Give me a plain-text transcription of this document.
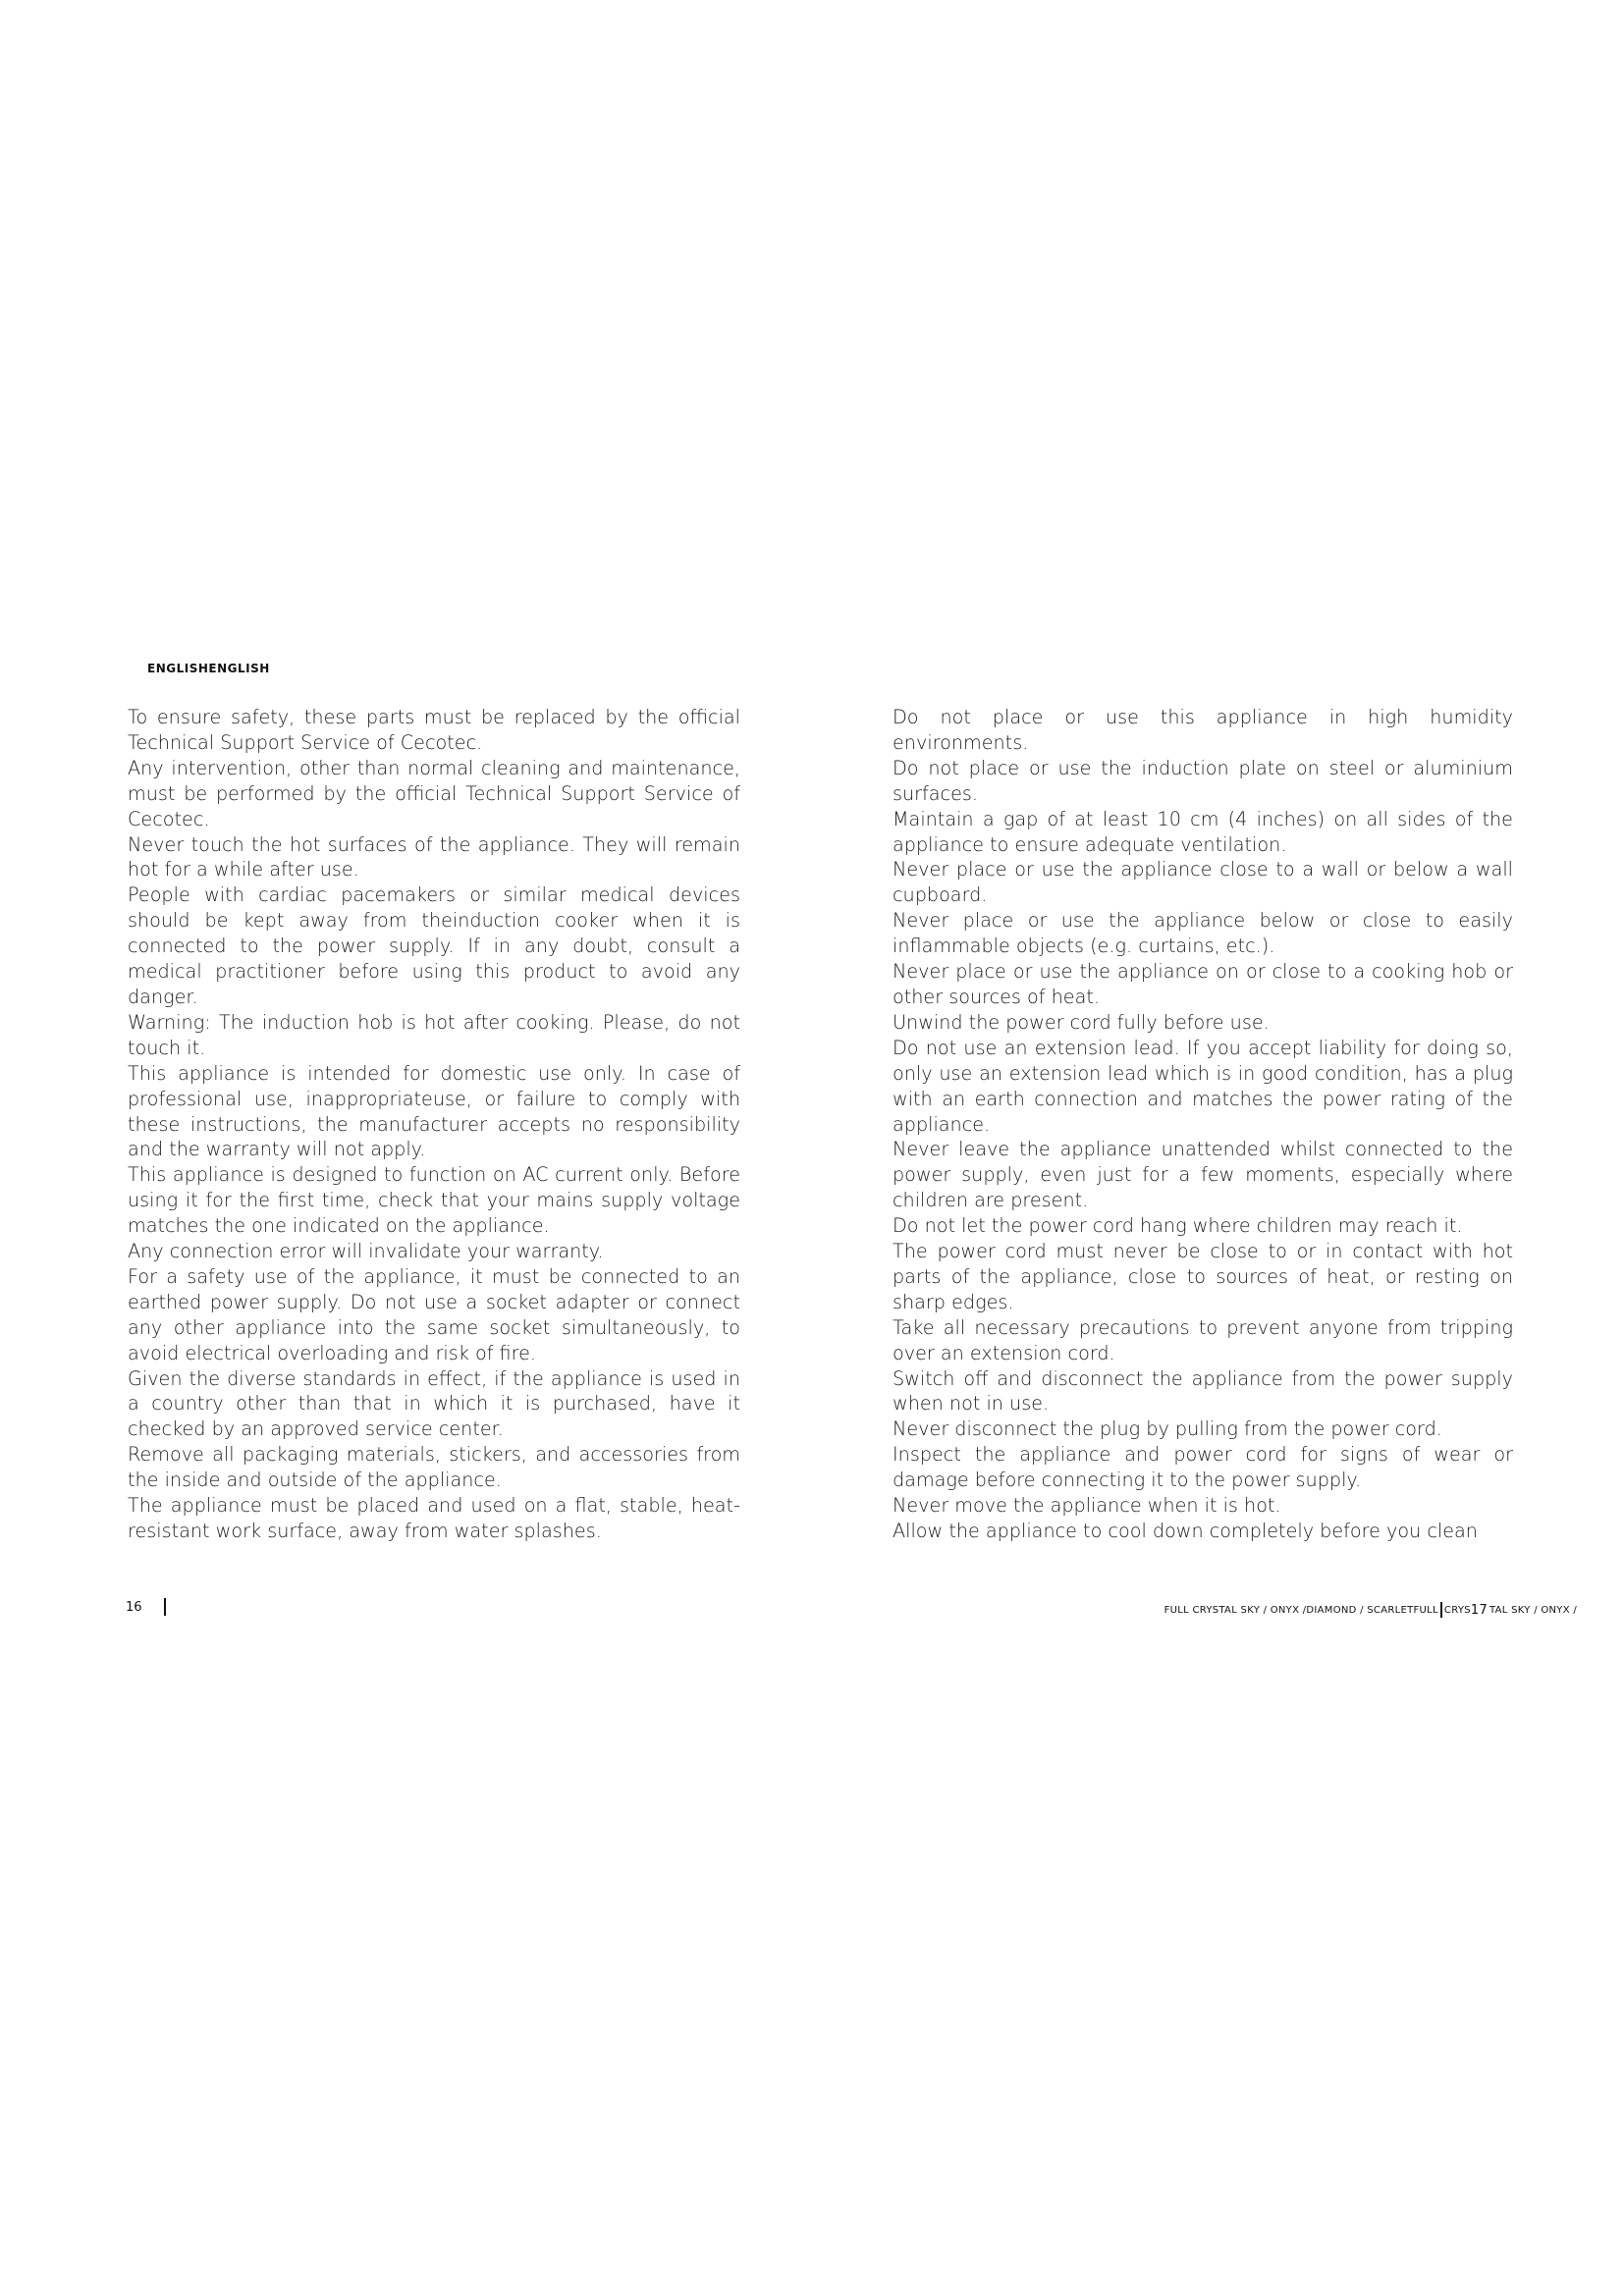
ENGLISHENGLISH

To ensure safety, these parts must be replaced by the official Technical Support Service of Cecotec.

Any intervention, other than normal cleaning and maintenance, must be performed by the official Technical Support Service of Cecotec.

Never touch the hot surfaces of the appliance. They will remain hot for a while after use.

People with cardiac pacemakers or similar medical devices should be kept away from theinduction cooker when it is connected to the power supply. If in any doubt, consult a medical practitioner before using this product to avoid any danger.

Warning: The induction hob is hot after cooking. Please, do not touch it.

This appliance is intended for domestic use only. In case of professional use, inappropriateuse, or failure to comply with these instructions, the manufacturer accepts no responsibility and the warranty will not apply.

This appliance is designed to function on AC current only. Before using it for the first time, check that your mains supply voltage matches the one indicated on the appliance.

Any connection error will invalidate your warranty.

For a safety use of the appliance, it must be connected to an earthed power supply. Do not use a socket adapter or connect any other appliance into the same socket simultaneously, to avoid electrical overloading and risk of fire.

Given the diverse standards in effect, if the appliance is used in a country other than that in which it is purchased, have it checked by an approved service center.

Remove all packaging materials, stickers, and accessories from the inside and outside of the appliance.

The appliance must be placed and used on a flat, stable, heat-resistant work surface, away from water splashes.

Do not place or use this appliance in high humidity environments.

Do not place or use the induction plate on steel or aluminium surfaces.

Maintain a gap of at least 10 cm (4 inches) on all sides of the appliance to ensure adequate ventilation.

Never place or use the appliance close to a wall or below a wall cupboard.

Never place or use the appliance below or close to easily inflammable objects (e.g. curtains, etc.).

Never place or use the appliance on or close to a cooking hob or other sources of heat.

Unwind the power cord fully before use.

Do not use an extension lead. If you accept liability for doing so, only use an extension lead which is in good condition, has a plug with an earth connection and matches the power rating of the appliance.

Never leave the appliance unattended whilst connected to the power supply, even just for a few moments, especially where children are present.

Do not let the power cord hang where children may reach it.

The power cord must never be close to or in contact with hot parts of the appliance, close to sources of heat, or resting on sharp edges.

Take all necessary precautions to prevent anyone from tripping over an extension cord.

Switch off and disconnect the appliance from the power supply when not in use.

Never disconnect the plug by pulling from the power cord.

Inspect the appliance and power cord for signs of wear or damage before connecting it to the power supply.

Never move the appliance when it is hot.

Allow the appliance to cool down completely before you clean

16	FULL CRYSTAL SKY / ONYX /DIAMOND / SCARLETFULL CRYS 17 TAL SKY / ONYX /
